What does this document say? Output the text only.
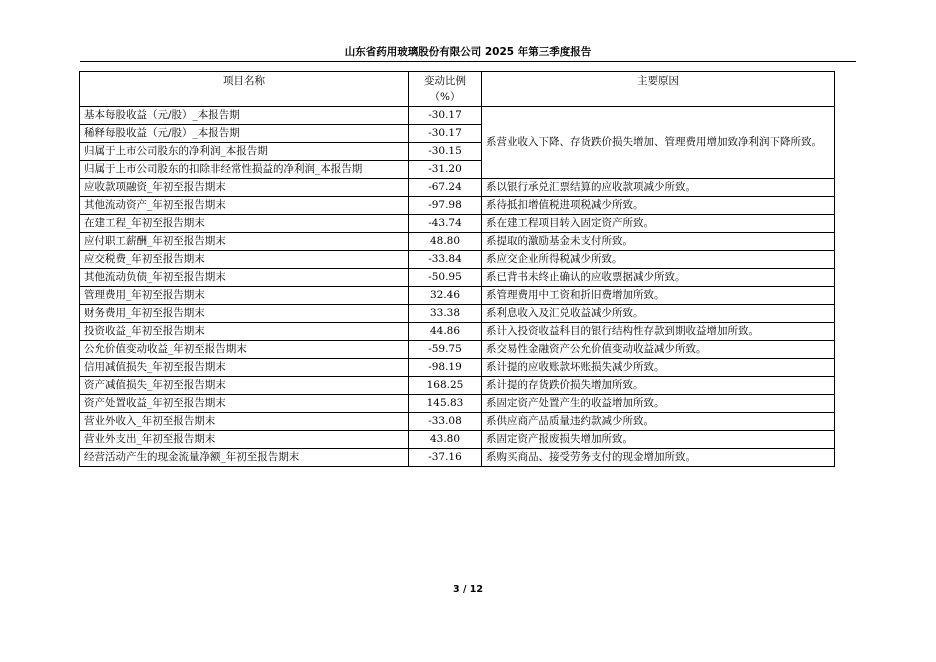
山东省药用玻璃股份有限公司 2025 年第三季度报告
项目名称	变动比例（%）	主要原因
基本每股收益（元/股）_本报告期	-30.17	系营业收入下降、存货跌价损失增加、管理费用增加致净利润下降所致。
稀释每股收益（元/股）_本报告期	-30.17	
归属于上市公司股东的净利润_本报告期	-30.15	
归属于上市公司股东的扣除非经常性损益的净利润_本报告期	-31.20	
应收款项融资_年初至报告期末	-67.24	系以银行承兑汇票结算的应收款项减少所致。
其他流动资产_年初至报告期末	-97.98	系待抵扣增值税进项税减少所致。
在建工程_年初至报告期末	-43.74	系在建工程项目转入固定资产所致。
应付职工薪酬_年初至报告期末	48.80	系提取的激励基金未支付所致。
应交税费_年初至报告期末	-33.84	系应交企业所得税减少所致。
其他流动负债_年初至报告期末	-50.95	系已背书未终止确认的应收票据减少所致。
管理费用_年初至报告期末	32.46	系管理费用中工资和折旧费增加所致。
财务费用_年初至报告期末	33.38	系利息收入及汇兑收益减少所致。
投资收益_年初至报告期末	44.86	系计入投资收益科目的银行结构性存款到期收益增加所致。
公允价值变动收益_年初至报告期末	-59.75	系交易性金融资产公允价值变动收益减少所致。
信用减值损失_年初至报告期末	-98.19	系计提的应收账款坏账损失减少所致。
资产减值损失_年初至报告期末	168.25	系计提的存货跌价损失增加所致。
资产处置收益_年初至报告期末	145.83	系固定资产处置产生的收益增加所致。
营业外收入_年初至报告期末	-33.08	系供应商产品质量违约款减少所致。
营业外支出_年初至报告期末	43.80	系固定资产报废损失增加所致。
经营活动产生的现金流量净额_年初至报告期末	-37.16	系购买商品、接受劳务支付的现金增加所致。
3 / 12
